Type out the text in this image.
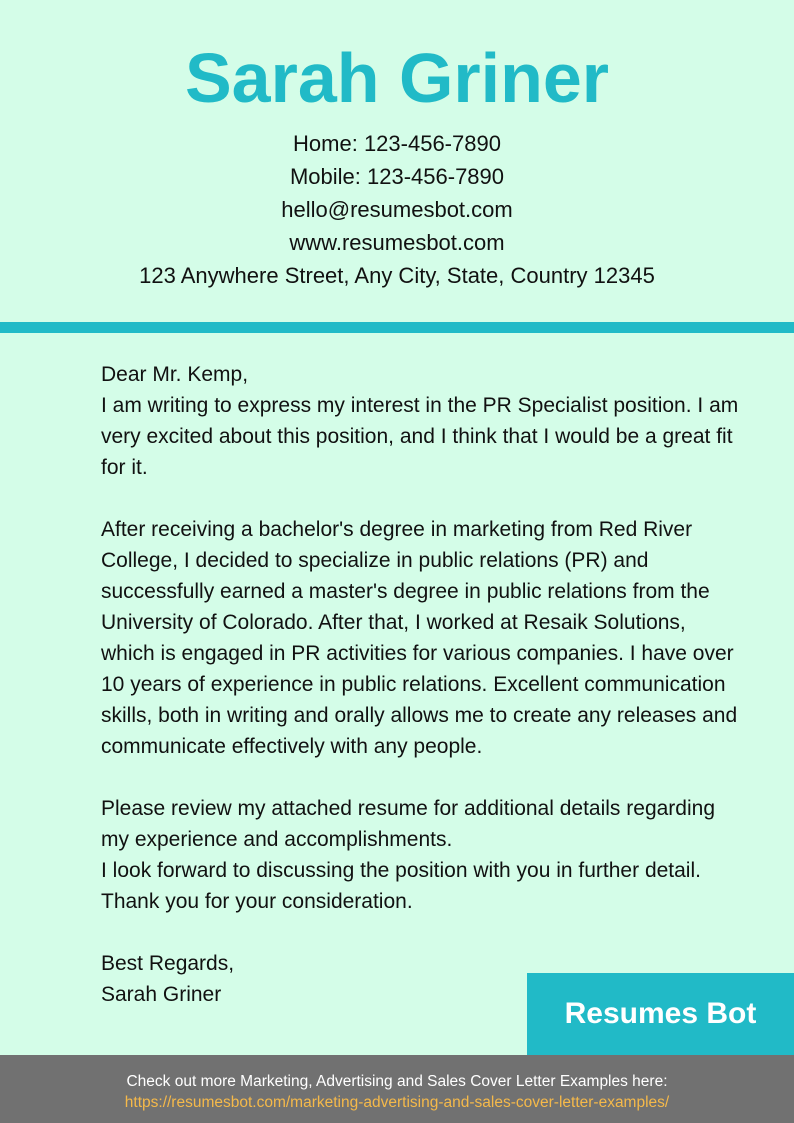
Sarah Griner
Home: 123-456-7890
Mobile: 123-456-7890
hello@resumesbot.com
www.resumesbot.com
123 Anywhere Street, Any City, State, Country 12345

Dear Mr. Kemp,

I am writing to express my interest in the PR Specialist position. I am very excited about this position, and I think that I would be a great fit for it.

After receiving a bachelor's degree in marketing from Red River College, I decided to specialize in public relations (PR) and successfully earned a master's degree in public relations from the University of Colorado. After that, I worked at Resaik Solutions, which is engaged in PR activities for various companies. I have over 10 years of experience in public relations. Excellent communication skills, both in writing and orally allows me to create any releases and communicate effectively with any people.

Please review my attached resume for additional details regarding my experience and accomplishments.

I look forward to discussing the position with you in further detail. Thank you for your consideration.

Best Regards,

Sarah Griner

Resumes Bot
Check out more Marketing, Advertising and Sales Cover Letter Examples here:
https://resumesbot.com/marketing-advertising-and-sales-cover-letter-examples/
